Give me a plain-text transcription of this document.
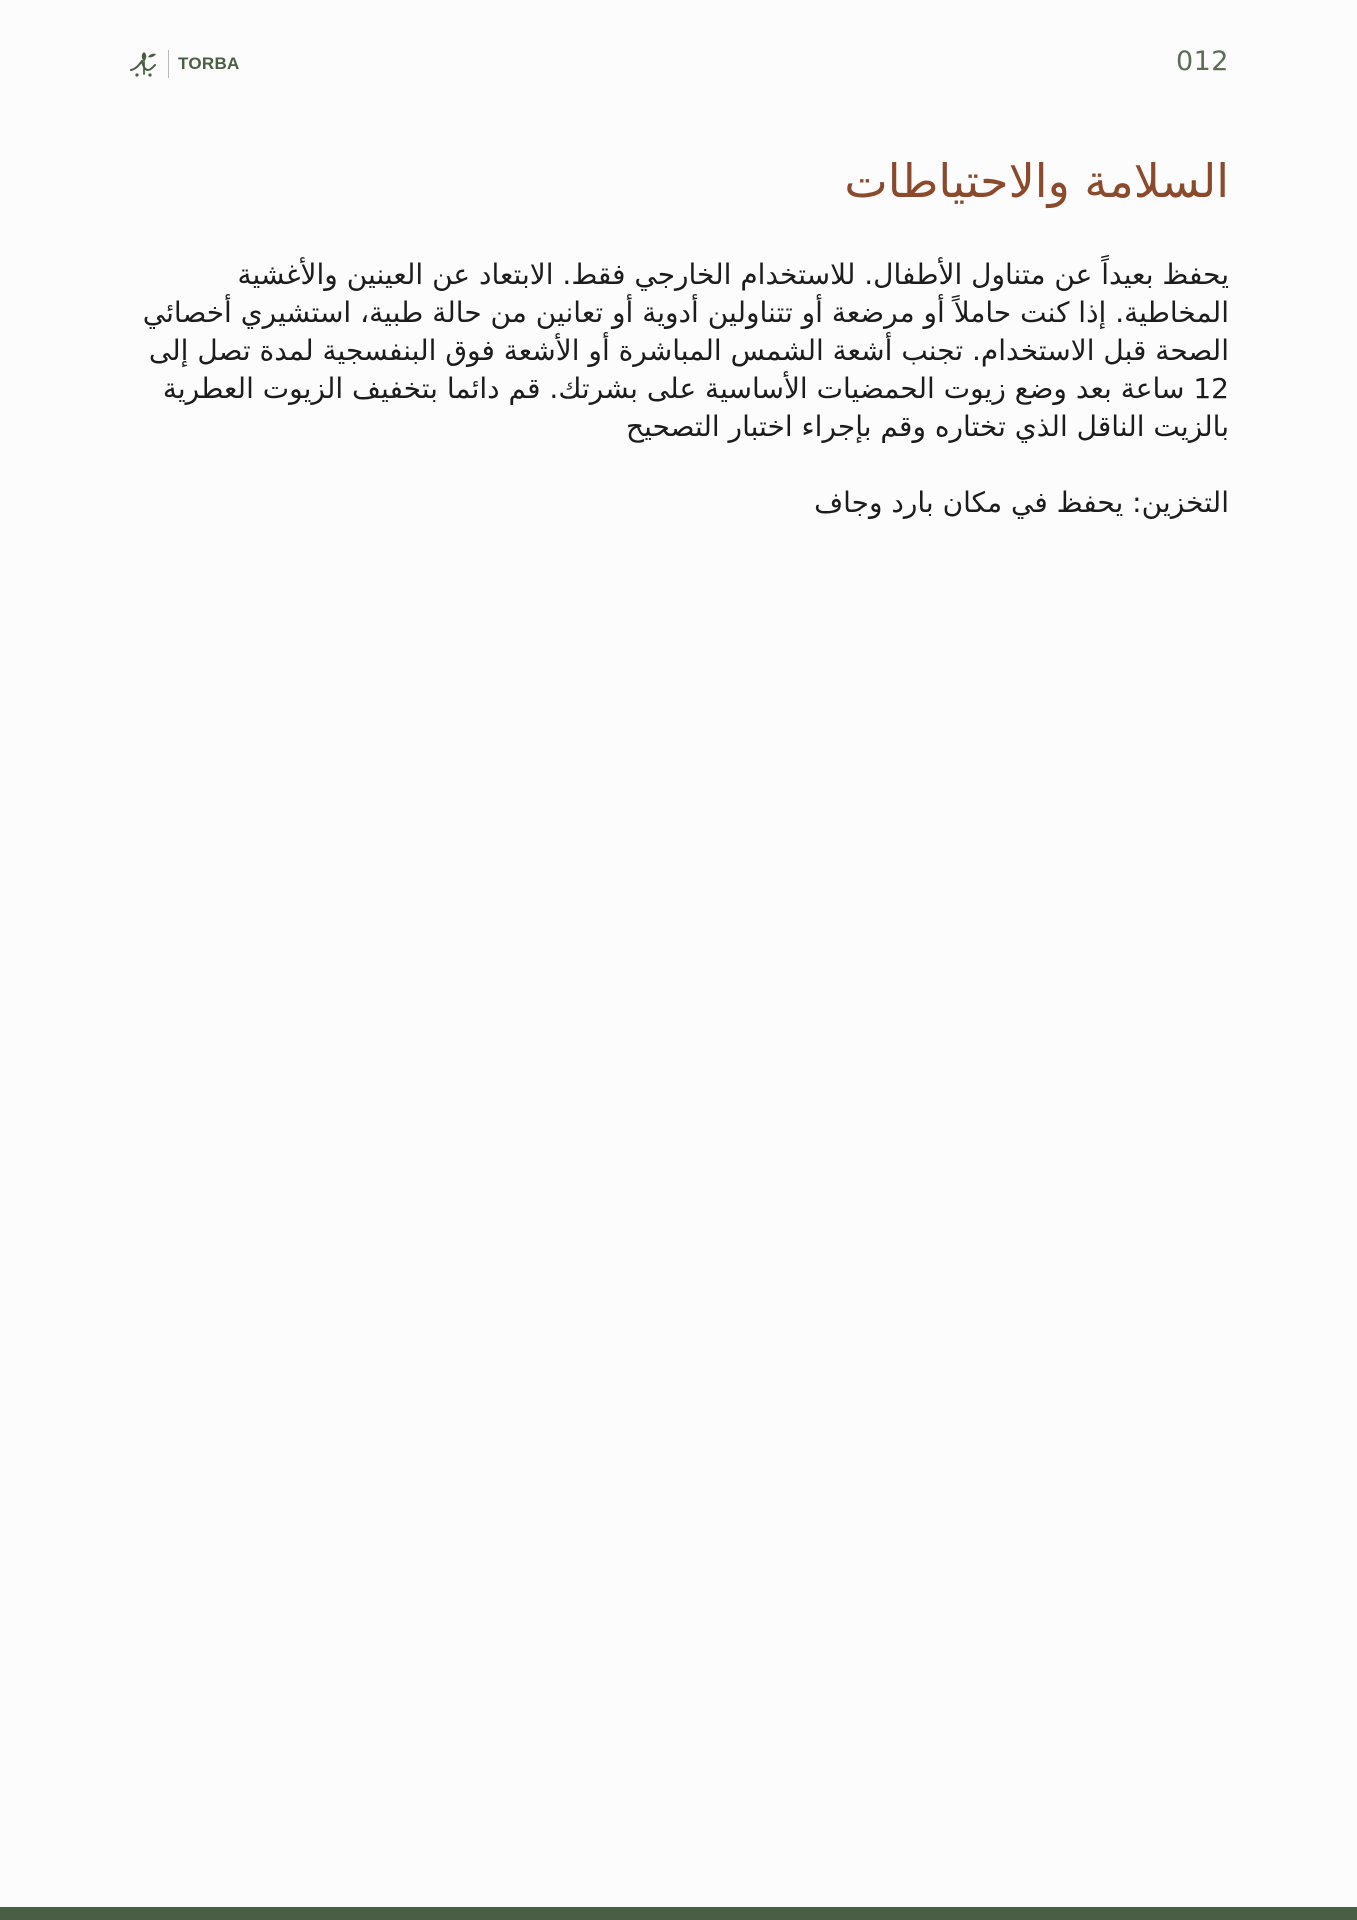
TORBA	012
السلامة والاحتياطات

يحفظ بعيداً عن متناول الأطفال. للاستخدام الخارجي فقط. الابتعاد عن العينين والأغشية المخاطية. إذا كنت حاملاً أو مرضعة أو تتناولين أدوية أو تعانين من حالة طبية، استشيري أخصائي الصحة قبل الاستخدام. تجنب أشعة الشمس المباشرة أو الأشعة فوق البنفسجية لمدة تصل إلى 12 ساعة بعد وضع زيوت الحمضيات الأساسية على بشرتك. قم دائما بتخفيف الزيوت العطرية بالزيت الناقل الذي تختاره وقم بإجراء اختبار التصحيح

التخزين: يحفظ في مكان بارد وجاف
